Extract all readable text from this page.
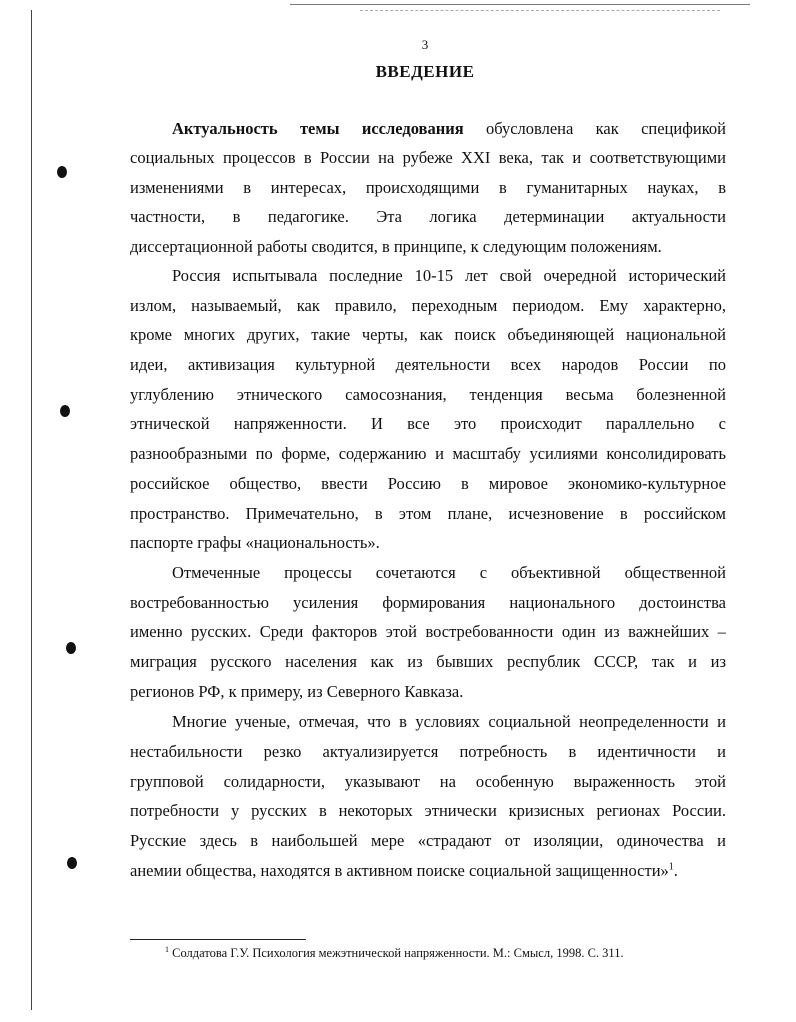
3
ВВЕДЕНИЕ
Актуальность темы исследования обусловлена как спецификой
социальных процессов в России на рубеже XXI века, так и соответствующими
изменениями в интересах, происходящими в гуманитарных науках, в
частности, в педагогике. Эта логика детерминации актуальности
диссертационной работы сводится, в принципе, к следующим положениям.
Россия испытывала последние 10-15 лет свой очередной исторический
излом, называемый, как правило, переходным периодом. Ему характерно,
кроме многих других, такие черты, как поиск объединяющей национальной
идеи, активизация культурной деятельности всех народов России по
углублению этнического самосознания, тенденция весьма болезненной
этнической напряженности. И все это происходит параллельно с
разнообразными по форме, содержанию и масштабу усилиями консолидировать
российское общество, ввести Россию в мировое экономико-культурное
пространство. Примечательно, в этом плане, исчезновение в российском
паспорте графы «национальность».
Отмеченные процессы сочетаются с объективной общественной
востребованностью усиления формирования национального достоинства
именно русских. Среди факторов этой востребованности один из важнейших –
миграция русского населения как из бывших республик СССР, так и из
регионов РФ, к примеру, из Северного Кавказа.
Многие ученые, отмечая, что в условиях социальной неопределенности и
нестабильности резко актуализируется потребность в идентичности и
групповой солидарности, указывают на особенную выраженность этой
потребности у русских в некоторых этнически кризисных регионах России.
Русские здесь в наибольшей мере «страдают от изоляции, одиночества и
анемии общества, находятся в активном поиске социальной защищенности»$^1$.
$^1$ Солдатова Г.У. Психология межэтнической напряженности. М.: Смысл, 1998. С. 311.
